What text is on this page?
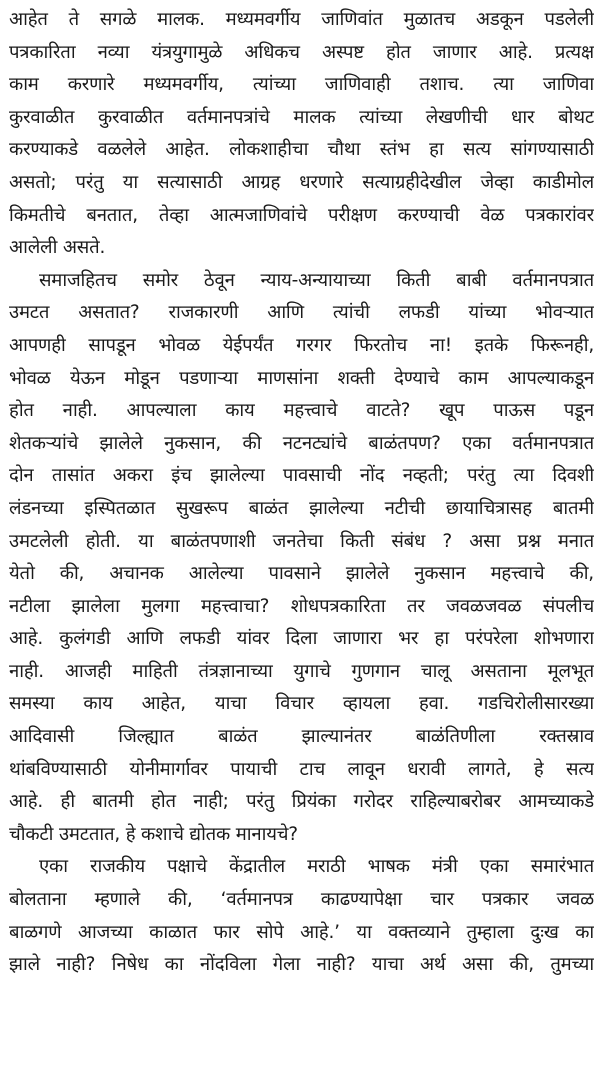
आहेत ते सगळे मालक. मध्यमवर्गीय जाणिवांत मुळातच अडकून पडलेली
पत्रकारिता नव्या यंत्रयुगामुळे अधिकच अस्पष्ट होत जाणार आहे. प्रत्यक्ष
काम करणारे मध्यमवर्गीय, त्यांच्या जाणिवाही तशाच. त्या जाणिवा
कुरवाळीत कुरवाळीत वर्तमानपत्रांचे मालक त्यांच्या लेखणीची धार बोथट
करण्याकडे वळलेले आहेत. लोकशाहीचा चौथा स्तंभ हा सत्य सांगण्यासाठी
असतो; परंतु या सत्यासाठी आग्रह धरणारे सत्याग्रहीदेखील जेव्हा काडीमोल
किमतीचे बनतात, तेव्हा आत्मजाणिवांचे परीक्षण करण्याची वेळ पत्रकारांवर
आलेली असते.
समाजहितच समोर ठेवून न्याय-अन्यायाच्या किती बाबी वर्तमानपत्रात
उमटत असतात? राजकारणी आणि त्यांची लफडी यांच्या भोवऱ्यात
आपणही सापडून भोवळ येईपर्यंत गरगर फिरतोच ना! इतके फिरूनही,
भोवळ येऊन मोडून पडणाऱ्या माणसांना शक्ती देण्याचे काम आपल्याकडून
होत नाही. आपल्याला काय महत्त्वाचे वाटते? खूप पाऊस पडून
शेतकऱ्यांचे झालेले नुकसान, की नटनट्यांचे बाळंतपण? एका वर्तमानपत्रात
दोन तासांत अकरा इंच झालेल्या पावसाची नोंद नव्हती; परंतु त्या दिवशी
लंडनच्या इस्पितळात सुखरूप बाळंत झालेल्या नटीची छायाचित्रासह बातमी
उमटलेली होती. या बाळंतपणाशी जनतेचा किती संबंध ? असा प्रश्न मनात
येतो की, अचानक आलेल्या पावसाने झालेले नुकसान महत्त्वाचे की,
नटीला झालेला मुलगा महत्त्वाचा? शोधपत्रकारिता तर जवळजवळ संपलीच
आहे. कुलंगडी आणि लफडी यांवर दिला जाणारा भर हा परंपरेला शोभणारा
नाही. आजही माहिती तंत्रज्ञानाच्या युगाचे गुणगान चालू असताना मूलभूत
समस्या काय आहेत, याचा विचार व्हायला हवा. गडचिरोलीसारख्या
आदिवासी जिल्ह्यात बाळंत झाल्यानंतर बाळंतिणीला रक्तस्राव
थांबविण्यासाठी योनीमार्गावर पायाची टाच लावून धरावी लागते, हे सत्य
आहे. ही बातमी होत नाही; परंतु प्रियंका गरोदर राहिल्याबरोबर आमच्याकडे
चौकटी उमटतात, हे कशाचे द्योतक मानायचे?
एका राजकीय पक्षाचे केंद्रातील मराठी भाषक मंत्री एका समारंभात
बोलताना म्हणाले की, ‘वर्तमानपत्र काढण्यापेक्षा चार पत्रकार जवळ
बाळगणे आजच्या काळात फार सोपे आहे.’ या वक्तव्याने तुम्हाला दुःख का
झाले नाही? निषेध का नोंदविला गेला नाही? याचा अर्थ असा की, तुमच्या
